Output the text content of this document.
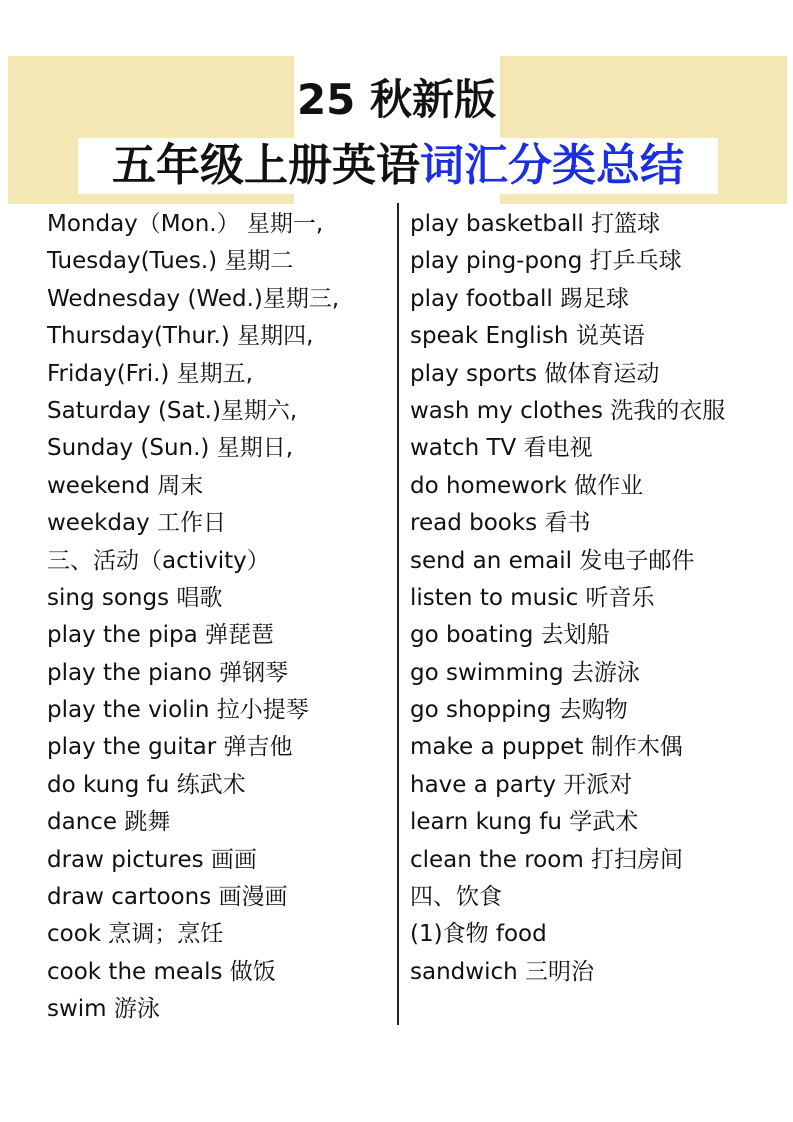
25 秋新版
五年级上册英语词汇分类总结
Monday（Mon.） 星期一,
Tuesday(Tues.) 星期二
Wednesday (Wed.)星期三,
Thursday(Thur.) 星期四,
Friday(Fri.) 星期五,
Saturday (Sat.)星期六,
Sunday (Sun.) 星期日,
weekend 周末
weekday 工作日
三、活动（activity）
sing songs 唱歌
play the pipa 弹琵琶
play the piano 弹钢琴
play the violin 拉小提琴
play the guitar 弹吉他
do kung fu 练武术
dance 跳舞
draw pictures 画画
draw cartoons 画漫画
cook 烹调；烹饪
cook the meals 做饭
swim 游泳
play basketball 打篮球
play ping-pong 打乒乓球
play football 踢足球
speak English 说英语
play sports 做体育运动
wash my clothes 洗我的衣服
watch TV 看电视
do homework 做作业
read books 看书
send an email 发电子邮件
listen to music 听音乐
go boating 去划船
go swimming 去游泳
go shopping 去购物
make a puppet 制作木偶
have a party 开派对
learn kung fu 学武术
clean the room 打扫房间
四、饮食
(1)食物 food
sandwich 三明治
